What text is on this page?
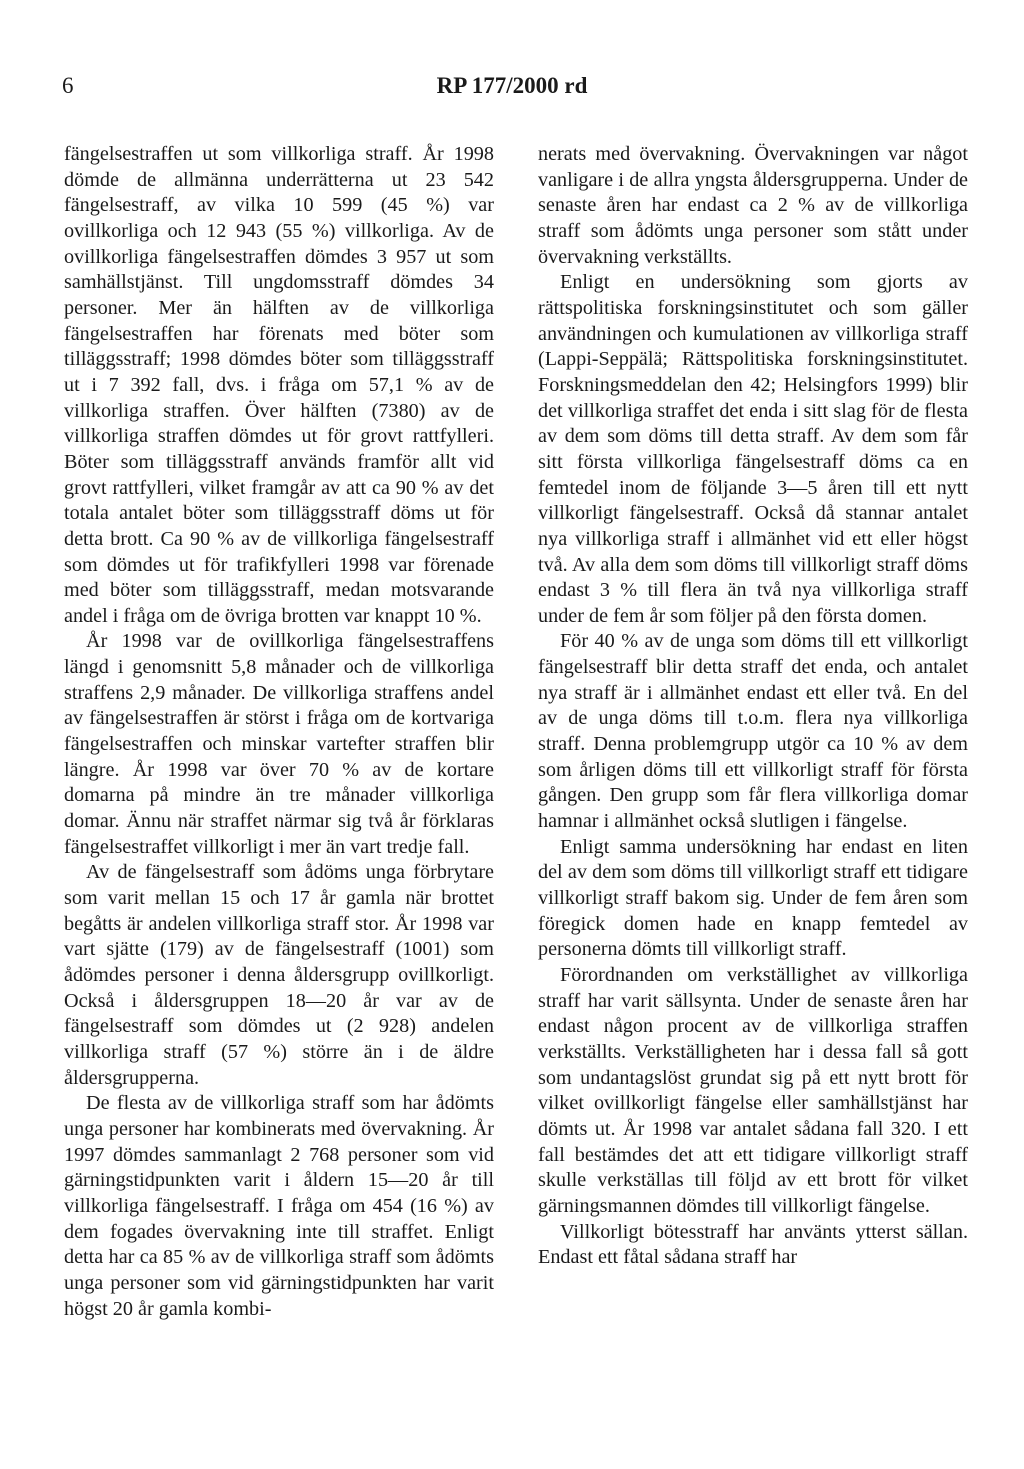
6	RP 177/2000 rd

fängelsestraffen ut som villkorliga straff. År 1998 dömde de allmänna underrätterna ut 23 542 fängelsestraff, av vilka 10 599 (45 %) var ovillkorliga och 12 943 (55 %) villkorliga. Av de ovillkorliga fängelsestraffen dömdes 3 957 ut som samhällstjänst. Till ungdomsstraff dömdes 34 personer. Mer än hälften av de villkorliga fängelsestraffen har förenats med böter som tilläggsstraff; 1998 dömdes böter som tilläggsstraff ut i 7 392 fall, dvs. i fråga om 57,1 % av de villkorliga straffen. Över hälften (7380) av de villkorliga straffen dömdes ut för grovt rattfylleri. Böter som tilläggsstraff används framför allt vid grovt rattfylleri, vilket framgår av att ca 90 % av det totala antalet böter som tilläggsstraff döms ut för detta brott. Ca 90 % av de villkorliga fängelsestraff som dömdes ut för trafikfylleri 1998 var förenade med böter som tilläggsstraff, medan motsvarande andel i fråga om de övriga brotten var knappt 10 %.

År 1998 var de ovillkorliga fängelsestraffens längd i genomsnitt 5,8 månader och de villkorliga straffens 2,9 månader. De villkorliga straffens andel av fängelsestraffen är störst i fråga om de kortvariga fängelsestraffen och minskar vartefter straffen blir längre. År 1998 var över 70 % av de kortare domarna på mindre än tre månader villkorliga domar. Ännu när straffet närmar sig två år förklaras fängelsestraffet villkorligt i mer än vart tredje fall.

Av de fängelsestraff som ådöms unga förbrytare som varit mellan 15 och 17 år gamla när brottet begåtts är andelen villkorliga straff stor. År 1998 var vart sjätte (179) av de fängelsestraff (1001) som ådömdes personer i denna åldersgrupp ovillkorligt. Också i åldersgruppen 18—20 år var av de fängelsestraff som dömdes ut (2 928) andelen villkorliga straff (57 %) större än i de äldre åldersgrupperna.

De flesta av de villkorliga straff som har ådömts unga personer har kombinerats med övervakning. År 1997 dömdes sammanlagt 2 768 personer som vid gärningstidpunkten varit i åldern 15—20 år till villkorliga fängelsestraff. I fråga om 454 (16 %) av dem fogades övervakning inte till straffet. Enligt detta har ca 85 % av de villkorliga straff som ådömts unga personer som vid gärningstidpunkten har varit högst 20 år gamla kombi-

nerats med övervakning. Övervakningen var något vanligare i de allra yngsta åldersgrupperna. Under de senaste åren har endast ca 2 % av de villkorliga straff som ådömts unga personer som stått under övervakning verkställts.

Enligt en undersökning som gjorts av rättspolitiska forskningsinstitutet och som gäller användningen och kumulationen av villkorliga straff (Lappi-Seppälä; Rättspolitiska forskningsinstitutet. Forskningsmeddelan den 42; Helsingfors 1999) blir det villkorliga straffet det enda i sitt slag för de flesta av dem som döms till detta straff. Av dem som får sitt första villkorliga fängelsestraff döms ca en femtedel inom de följande 3—5 åren till ett nytt villkorligt fängelsestraff. Också då stannar antalet nya villkorliga straff i allmänhet vid ett eller högst två. Av alla dem som döms till villkorligt straff döms endast 3 % till flera än två nya villkorliga straff under de fem år som följer på den första domen.

För 40 % av de unga som döms till ett villkorligt fängelsestraff blir detta straff det enda, och antalet nya straff är i allmänhet endast ett eller två. En del av de unga döms till t.o.m. flera nya villkorliga straff. Denna problemgrupp utgör ca 10 % av dem som årligen döms till ett villkorligt straff för första gången. Den grupp som får flera villkorliga domar hamnar i allmänhet också slutligen i fängelse.

Enligt samma undersökning har endast en liten del av dem som döms till villkorligt straff ett tidigare villkorligt straff bakom sig. Under de fem åren som föregick domen hade en knapp femtedel av personerna dömts till villkorligt straff.

Förordnanden om verkställighet av villkorliga straff har varit sällsynta. Under de senaste åren har endast någon procent av de villkorliga straffen verkställts. Verkställigheten har i dessa fall så gott som undantagslöst grundat sig på ett nytt brott för vilket ovillkorligt fängelse eller samhällstjänst har dömts ut. År 1998 var antalet sådana fall 320. I ett fall bestämdes det att ett tidigare villkorligt straff skulle verkställas till följd av ett brott för vilket gärningsmannen dömdes till villkorligt fängelse.

Villkorligt bötesstraff har använts ytterst sällan. Endast ett fåtal sådana straff har
